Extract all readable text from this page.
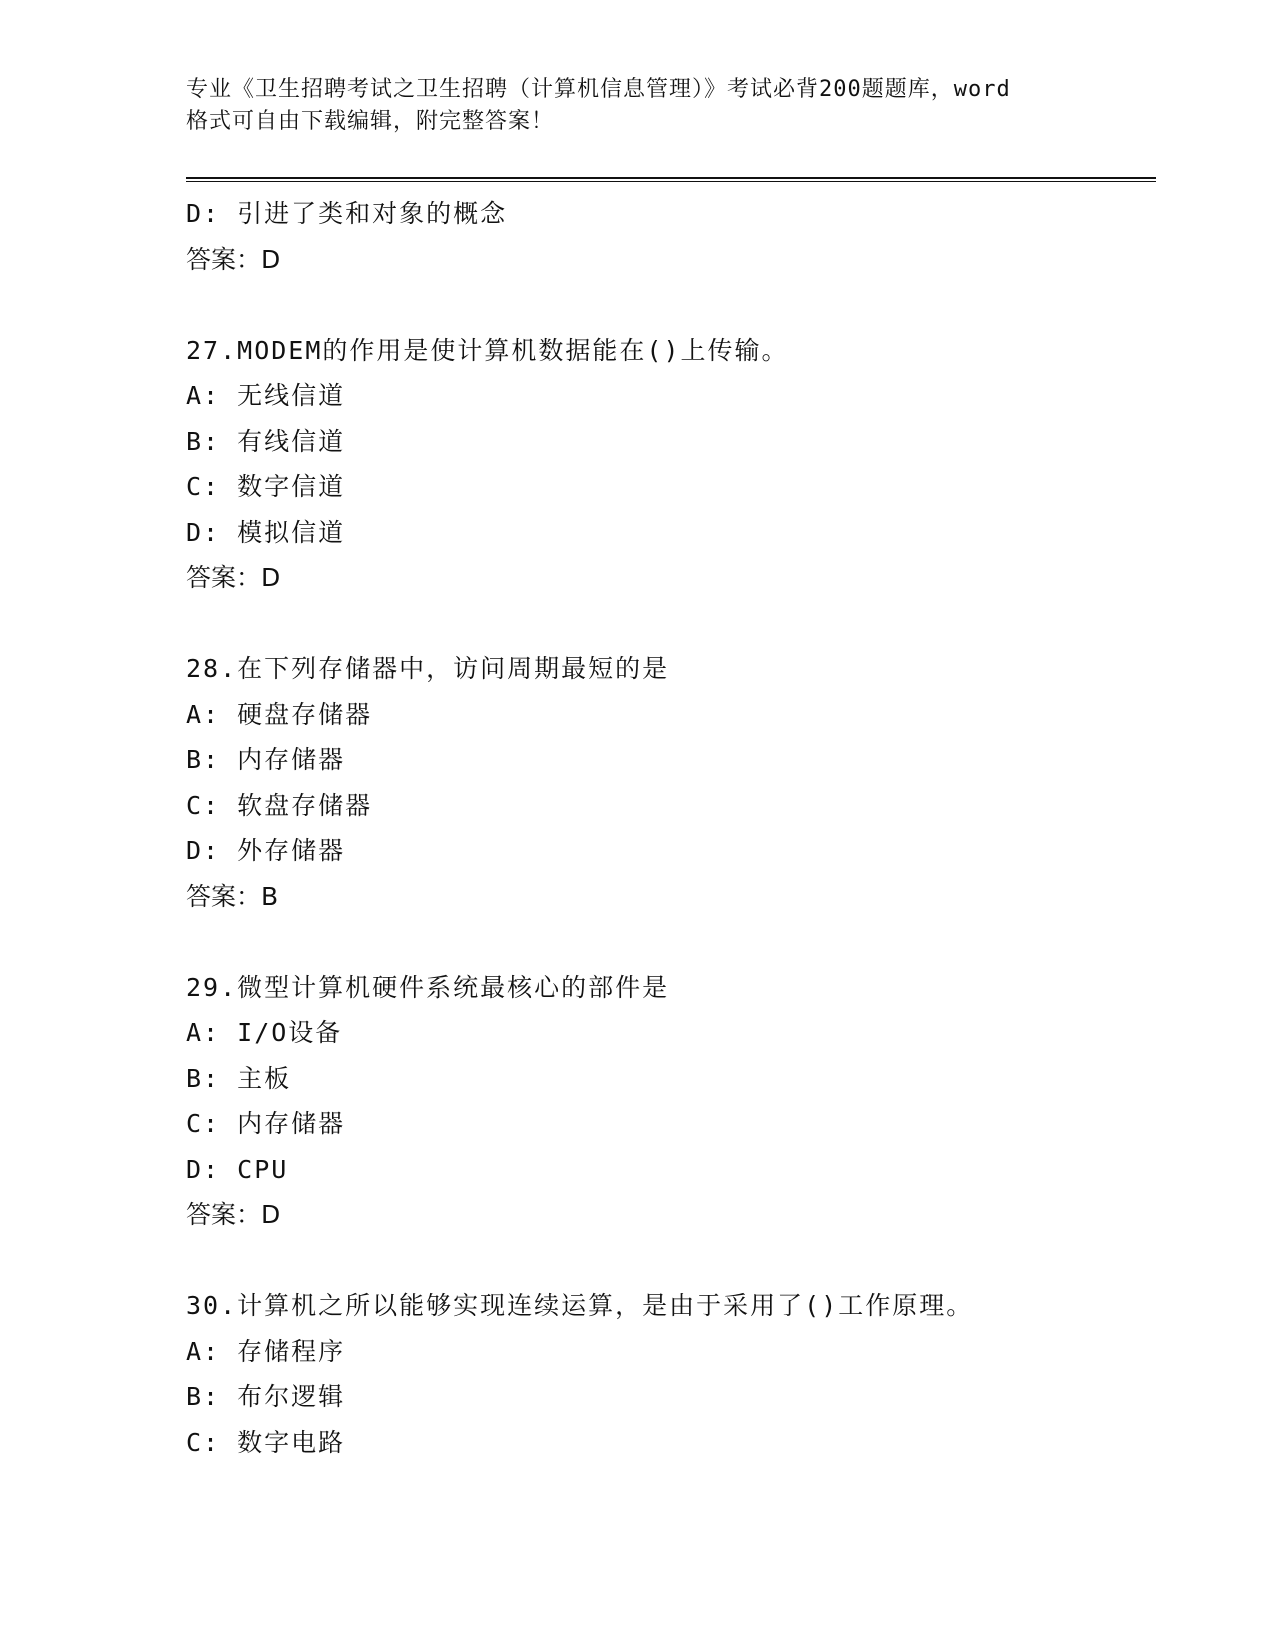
专业《卫生招聘考试之卫生招聘（计算机信息管理）》考试必背200题题库，word
格式可自由下载编辑，附完整答案！
D: 引进了类和对象的概念
答案：D
27.MODEM的作用是使计算机数据能在()上传输。
A: 无线信道
B: 有线信道
C: 数字信道
D: 模拟信道
答案：D
28.在下列存储器中，访问周期最短的是
A: 硬盘存储器
B: 内存储器
C: 软盘存储器
D: 外存储器
答案：B
29.微型计算机硬件系统最核心的部件是
A: I/O设备
B: 主板
C: 内存储器
D: CPU
答案：D
30.计算机之所以能够实现连续运算，是由于采用了()工作原理。
A: 存储程序
B: 布尔逻辑
C: 数字电路
